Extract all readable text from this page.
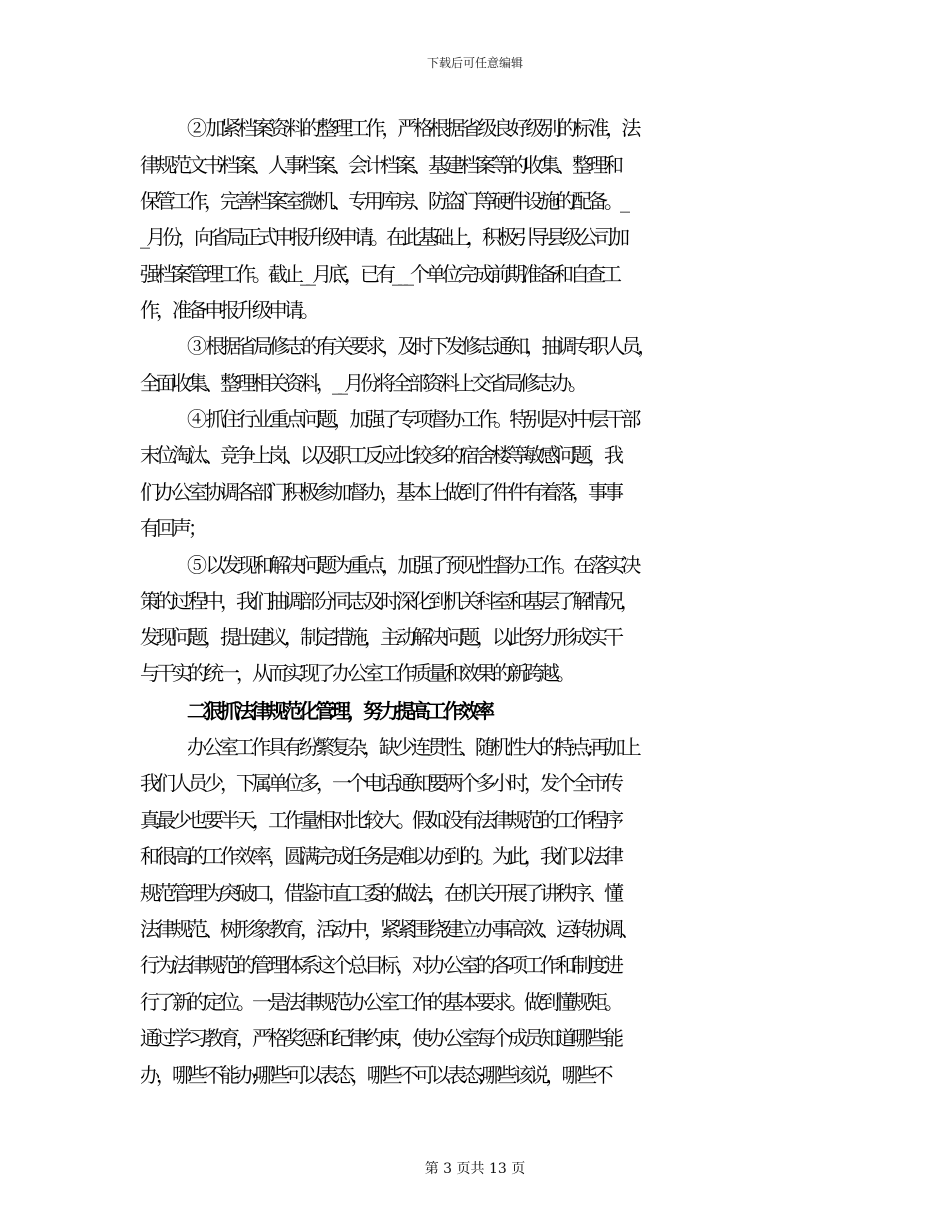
下载后可任意编辑
② 加紧档案资料的整理工作，严格根据省级良好级别的标准，法
律规范文书档案、人事档案、会计档案、基建档案等的收集、整理和
保管工作，完善档案室微机、专用库房、防盗门等硬件设施的配备。_
_月份，向省局正式申报升级申请。在此基础上，积极引导县级公司加
强档案管理工作。截止__月底，已有___个单位完成前期准备和自查工
作，准备申报升级申请。
③ 根据省局修志的有关要求，及时下发修志通知，抽调专职人员，
全面收集、整理相关资料，__月份将全部资料上交省局修志办。
④ 抓住行业重点问题，加强了专项督办工作。特别是对中层干部
末位淘汰、竞争上岗、以及职工反应比较多的宿舍楼等敏感问题，我
们办公室协调各部门积极参加督办，基本上做到了件件有着落，事事
有回声；
⑤ 以发现和解决问题为重点，加强了预见性督办工作。在落实决
策的过程中，我们抽调部分同志及时深化到机关科室和基层了解情况，
发现问题，提出建议，制定措施，主动解决问题，以此努力形成实干
与干实的统一，从而实现了办公室工作质量和效果的新跨越。
二狠抓法律规范化管理，努力提高工作效率
办公室工作具有纷繁复杂，缺少连贯性、随机性大的特点;再加上
我们人员少，下属单位多，一个电话通知要两个多小时，发个全市传
真最少也要半天，工作量相对比较大。假如没有法律规范的工作程序
和很高的工作效率，圆满完成任务是难以办到的。为此，我们以法律
规范管理为突破口，借鉴市直工委的做法，在机关开展了讲秩序、懂
法律规范、树形象教育，活动中，紧紧围绕建立办事高效、运转协调、
行为法律规范的管理体系这个总目标，对办公室的各项工作和制度进
行了新的定位。一是法律规范办公室工作的基本要求。做到懂规矩。
通过学习教育，严格奖惩和纪律约束，使办公室每个成员知道哪些能
办，哪些不能办;哪些可以表态，哪些不可以表态;哪些该说，哪些不
第 3 页共 13 页
